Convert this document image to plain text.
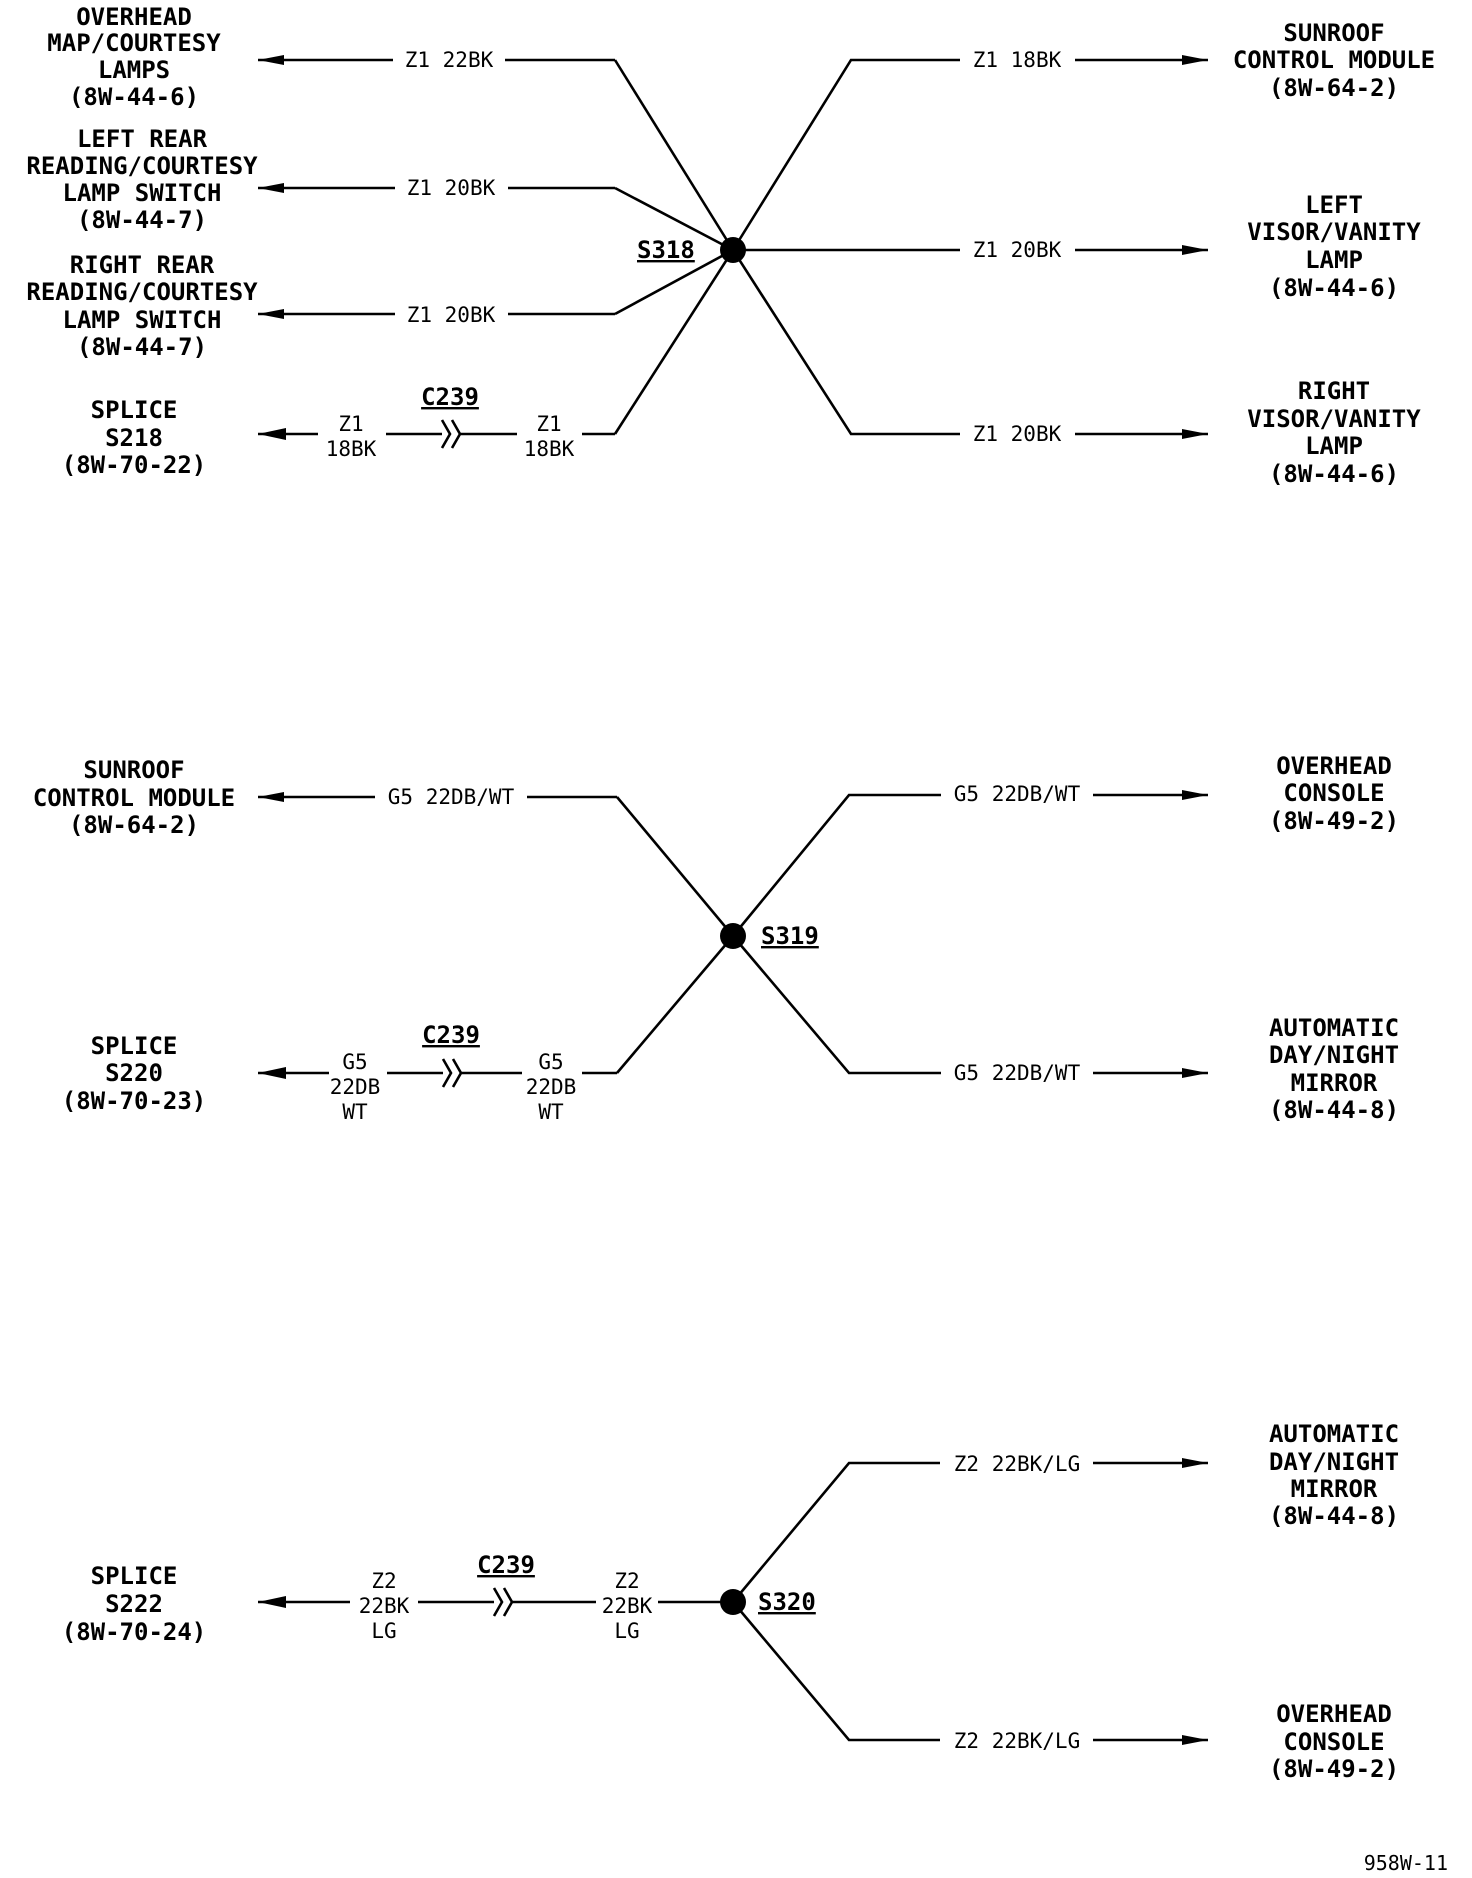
Z1 22BK
OVERHEAD
MAP/COURTESY
LAMPS
(8W-44-6)
Z1 20BK
LEFT REAR
READING/COURTESY
LAMP SWITCH
(8W-44-7)
Z1 20BK
RIGHT REAR
READING/COURTESY
LAMP SWITCH
(8W-44-7)
Z1
18BK
Z1
18BK
C239
SPLICE
S218
(8W-70-22)
S318
Z1 18BK
SUNROOF
CONTROL MODULE
(8W-64-2)
Z1 20BK
LEFT
VISOR/VANITY
LAMP
(8W-44-6)
Z1 20BK
RIGHT
VISOR/VANITY
LAMP
(8W-44-6)
G5 22DB/WT
SUNROOF
CONTROL MODULE
(8W-64-2)
G5
22DB
WT
G5
22DB
WT
C239
SPLICE
S220
(8W-70-23)
S319
G5 22DB/WT
OVERHEAD
CONSOLE
(8W-49-2)
G5 22DB/WT
AUTOMATIC
DAY/NIGHT
MIRROR
(8W-44-8)
Z2
22BK
LG
Z2
22BK
LG
C239
SPLICE
S222
(8W-70-24)
S320
Z2 22BK/LG
AUTOMATIC
DAY/NIGHT
MIRROR
(8W-44-8)
Z2 22BK/LG
OVERHEAD
CONSOLE
(8W-49-2)
958W-11
